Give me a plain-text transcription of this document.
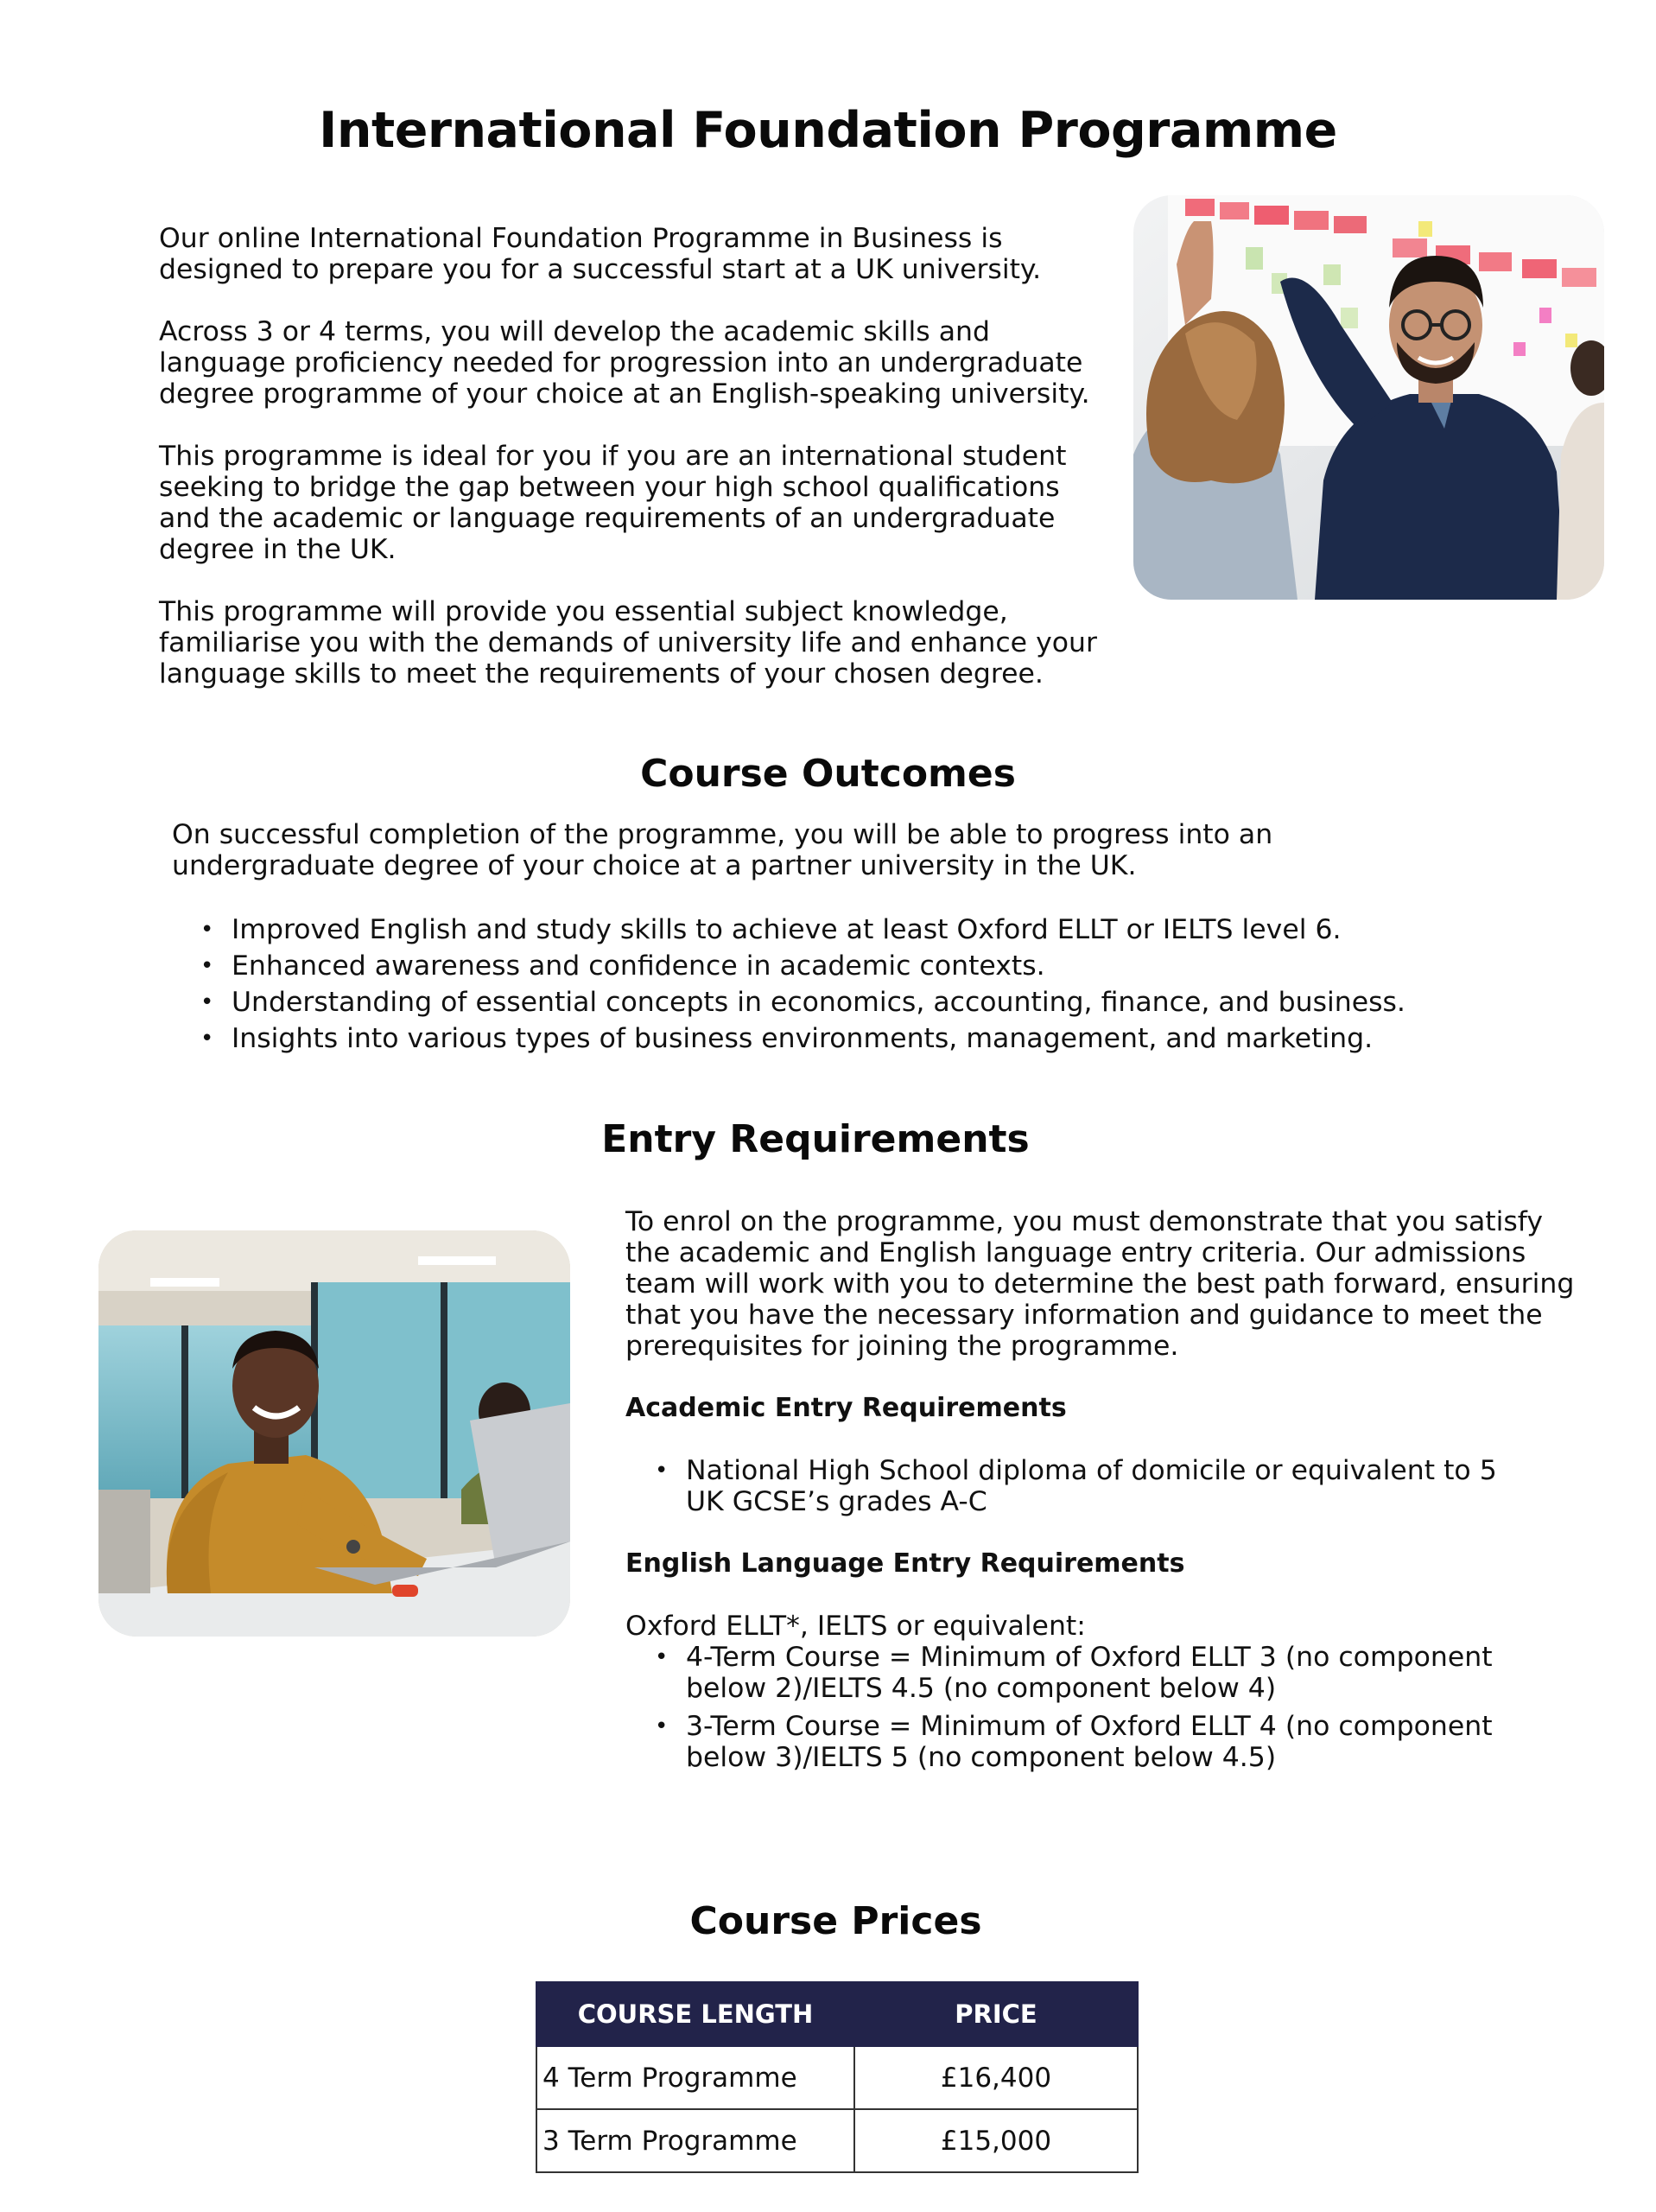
International Foundation Programme

Our online International Foundation Programme in Business is designed to prepare you for a successful start at a UK university.

Across 3 or 4 terms, you will develop the academic skills and language proficiency needed for progression into an undergraduate degree programme of your choice at an English-speaking university.

This programme is ideal for you if you are an international student seeking to bridge the gap between your high school qualifications and the academic or language requirements of an undergraduate degree in the UK.

This programme will provide you essential subject knowledge, familiarise you with the demands of university life and enhance your language skills to meet the requirements of your chosen degree.

Course Outcomes

On successful completion of the programme, you will be able to progress into an undergraduate degree of your choice at a partner university in the UK.

• Improved English and study skills to achieve at least Oxford ELLT or IELTS level 6.
• Enhanced awareness and confidence in academic contexts.
• Understanding of essential concepts in economics, accounting, finance, and business.
• Insights into various types of business environments, management, and marketing.
Entry Requirements

To enrol on the programme, you must demonstrate that you satisfy the academic and English language entry criteria. Our admissions team will work with you to determine the best path forward, ensuring that you have the necessary information and guidance to meet the prerequisites for joining the programme.

Academic Entry Requirements

• National High School diploma of domicile or equivalent to 5 UK GCSE’s grades A-C

English Language Entry Requirements

Oxford ELLT*, IELTS or equivalent:

• 4-Term Course = Minimum of Oxford ELLT 3 (no component below 2)/IELTS 4.5 (no component below 4)
• 3-Term Course = Minimum of Oxford ELLT 4 (no component below 3)/IELTS 5 (no component below 4.5)
Course Prices
COURSE LENGTH	PRICE
4 Term Programme	£16,400
3 Term Programme	£15,000
